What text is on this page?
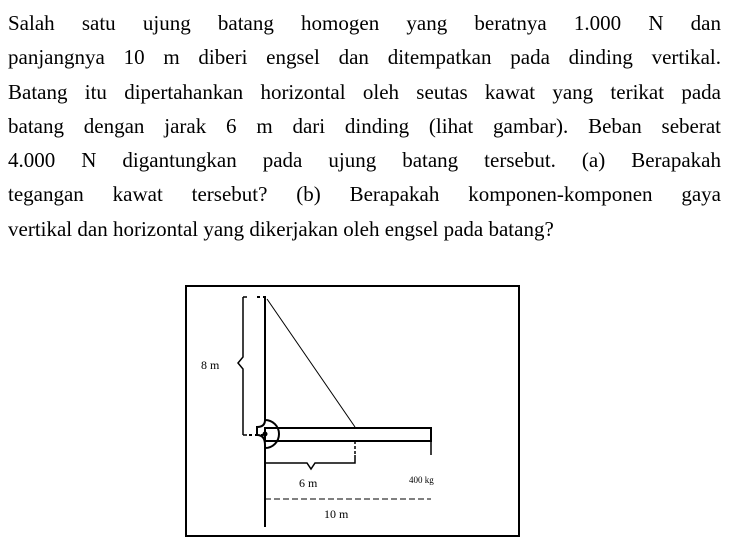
Salah satu ujung batang homogen yang beratnya 1.000 N dan
panjangnya 10 m diberi engsel dan ditempatkan pada dinding vertikal.
Batang itu dipertahankan horizontal oleh seutas kawat yang terikat pada
batang dengan jarak 6 m dari dinding (lihat gambar). Beban seberat
4.000 N digantungkan pada ujung batang tersebut. (a) Berapakah
tegangan kawat tersebut? (b) Berapakah komponen-komponen gaya
vertikal dan horizontal yang dikerjakan oleh engsel pada batang?
8 m
6 m	400 kg
10 m
